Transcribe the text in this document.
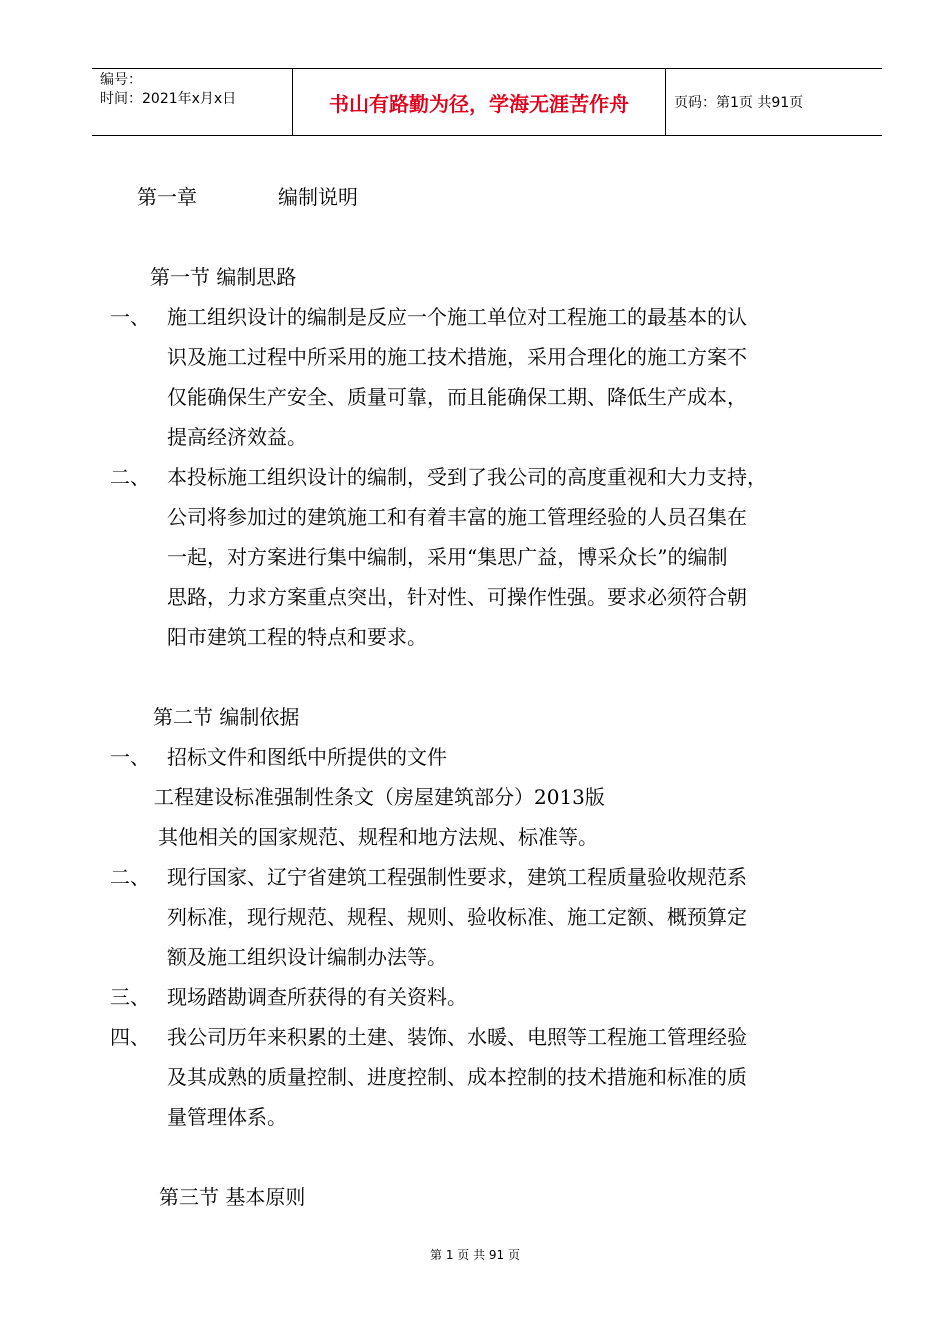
编号：
时间：2021年x月x日	书山有路勤为径，学海无涯苦作舟	页码：第1页 共91页
第一章	编制说明
第一节 编制思路
一、 施工组织设计的编制是反应一个施工单位对工程施工的最基本的认
识及施工过程中所采用的施工技术措施，采用合理化的施工方案不
仅能确保生产安全、质量可靠，而且能确保工期、降低生产成本，
提高经济效益。
二、 本投标施工组织设计的编制，受到了我公司的高度重视和大力支持，
公司将参加过的建筑施工和有着丰富的施工管理经验的人员召集在
一起，对方案进行集中编制，采用“集思广益，博采众长”的编制
思路，力求方案重点突出，针对性、可操作性强。要求必须符合朝
阳市建筑工程的特点和要求。
第二节 编制依据
一、 招标文件和图纸中所提供的文件
工程建设标准强制性条文（房屋建筑部分）2013版
其他相关的国家规范、规程和地方法规、标准等。
二、 现行国家、辽宁省建筑工程强制性要求，建筑工程质量验收规范系
列标准，现行规范、规程、规则、验收标准、施工定额、概预算定
额及施工组织设计编制办法等。
三、 现场踏勘调查所获得的有关资料。
四、 我公司历年来积累的土建、装饰、水暖、电照等工程施工管理经验
及其成熟的质量控制、进度控制、成本控制的技术措施和标准的质
量管理体系。
第三节 基本原则
第 1 页 共 91 页
